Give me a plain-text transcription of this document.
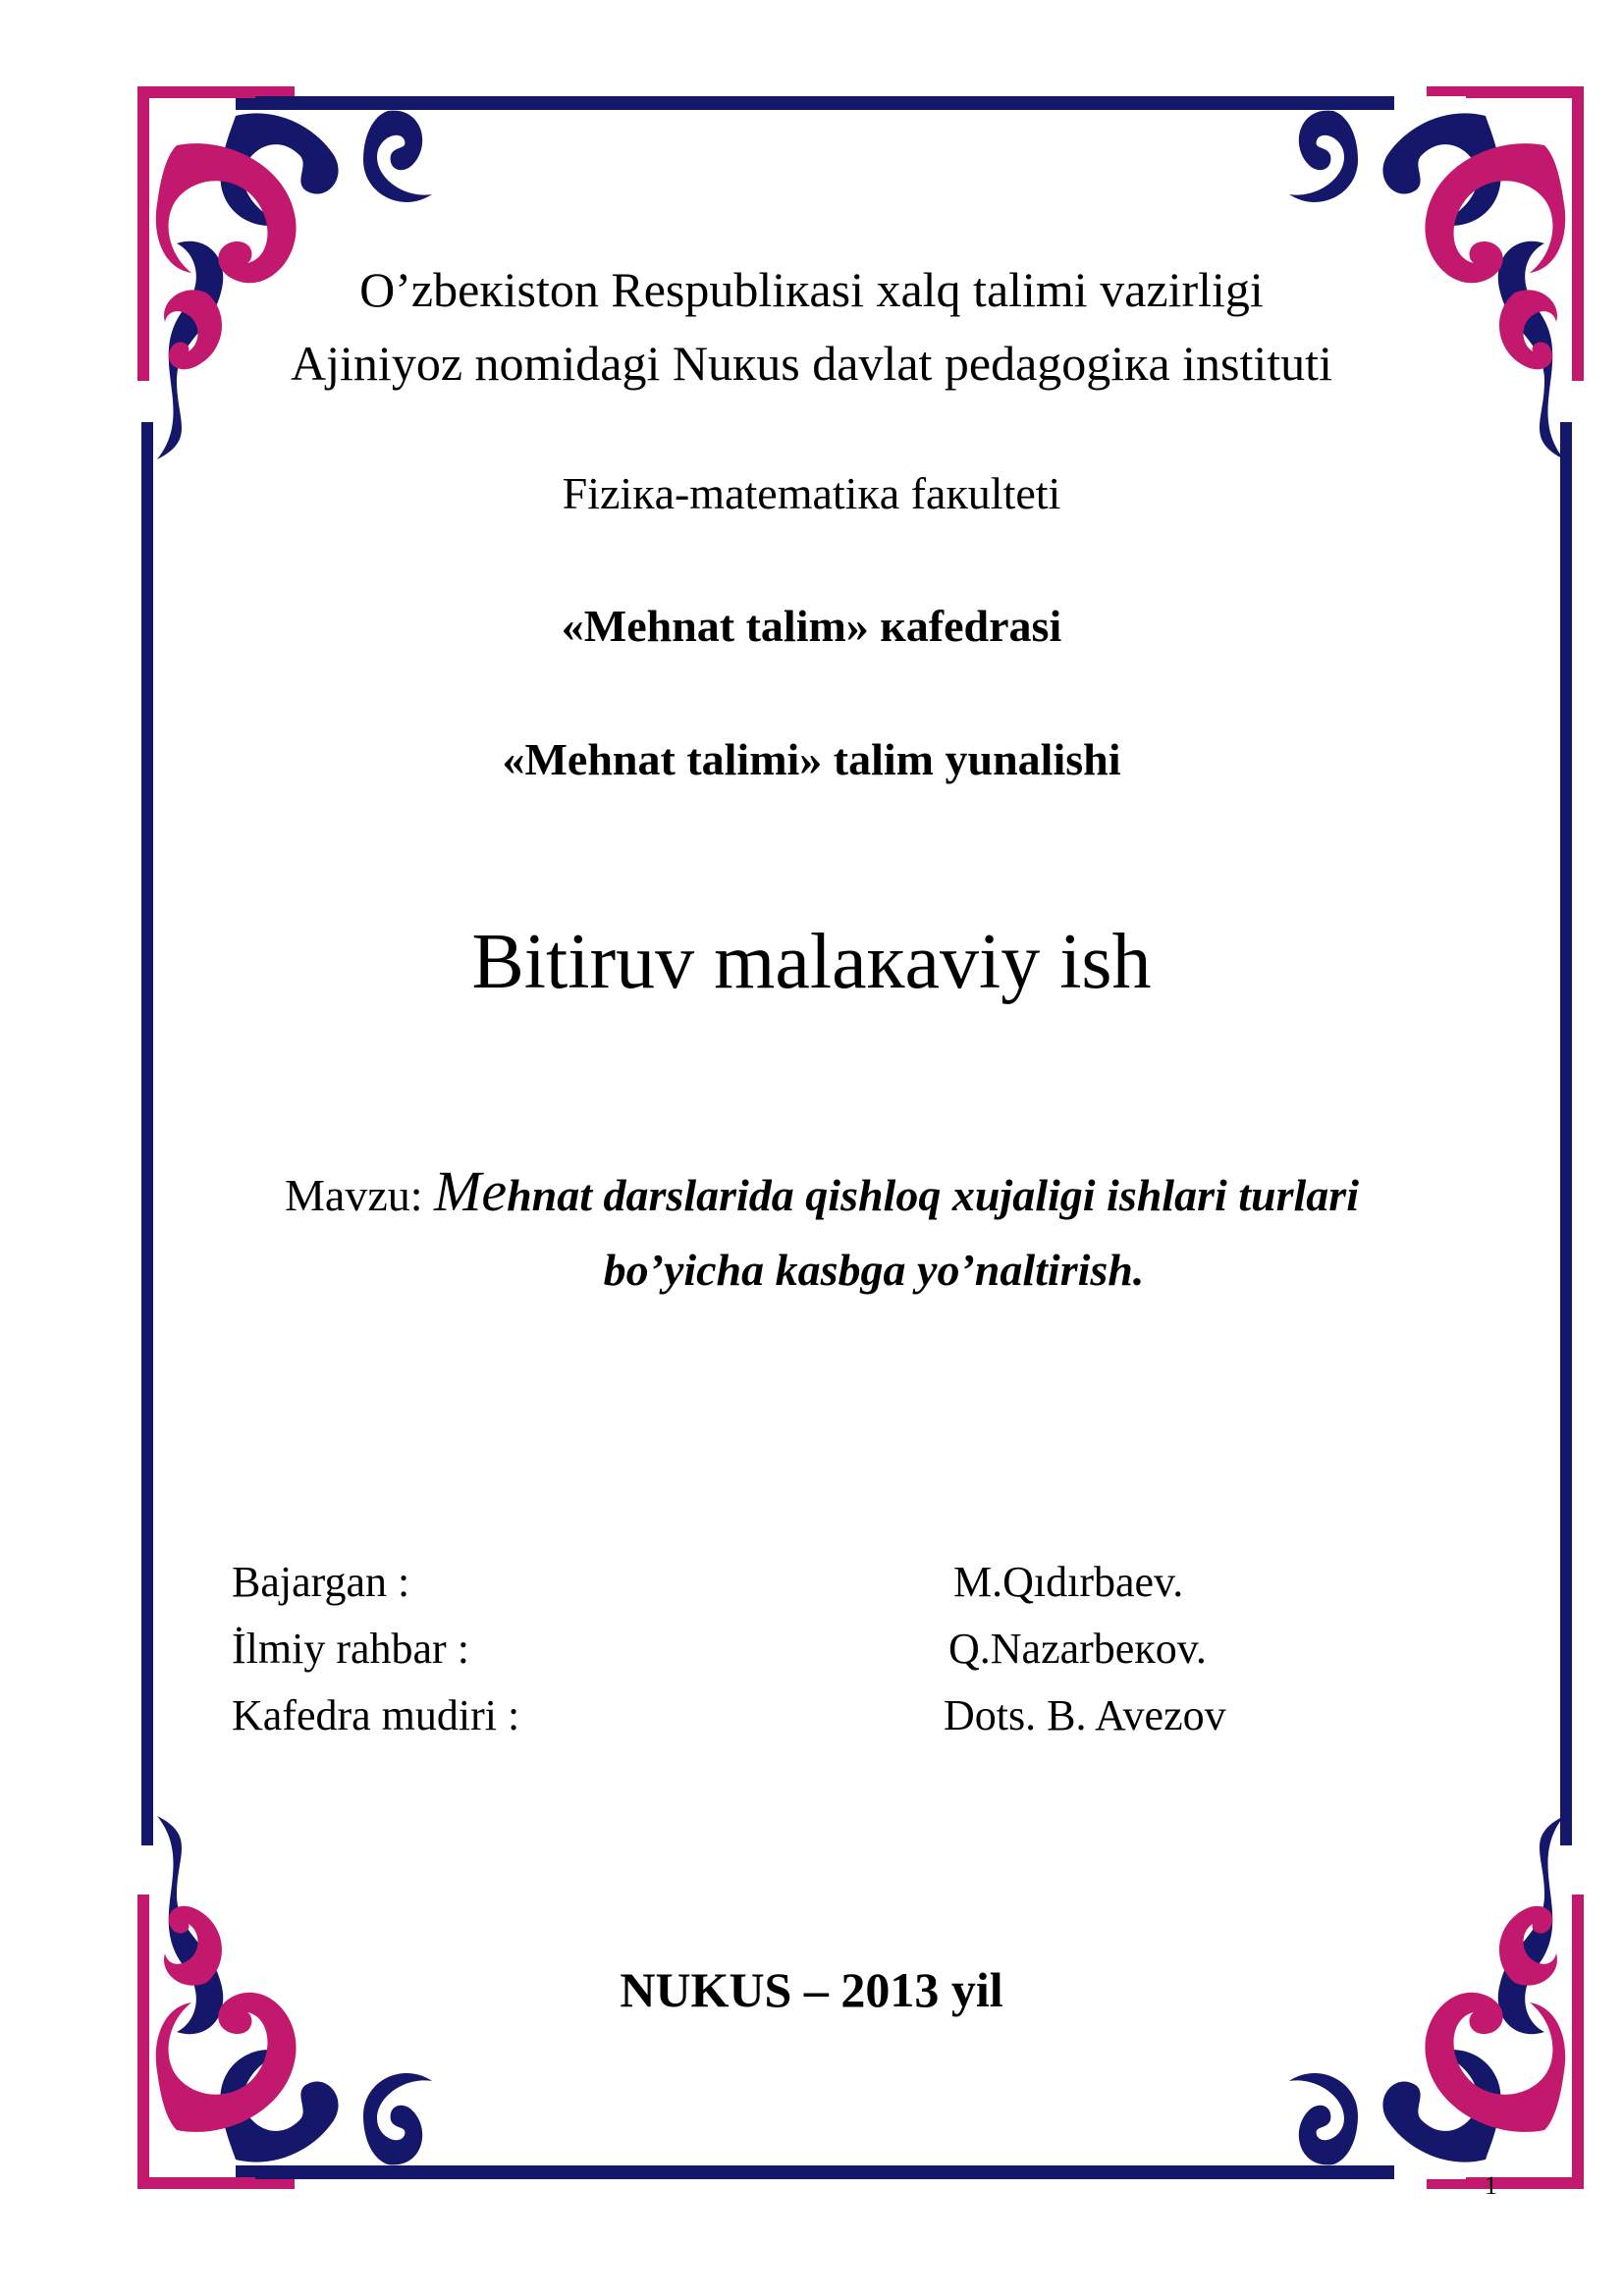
O’zbeкiston Respubliкasi xalq talimi vazirligi
Ajiniyoz nomidagi Nuкus davlat pedagogiкa instituti
Fiziкa-matematiкa faкulteti
«Mehnat talim» кafedrasi
«Mehnat talimi» talim yunalishi
Bitiruv malaкaviy ish
Mavzu: Mehnat darslarida qishloq xujaligi ishlari turlari
bo’yicha kasbga yo’naltirish.
Bajargan :	M.Qıdırbaev.
İlmiy rahbar :	Q.Nazarbeкov.
Kafedra mudiri :	Dots. B. Avezov
NUKUS – 2013 yil
1
